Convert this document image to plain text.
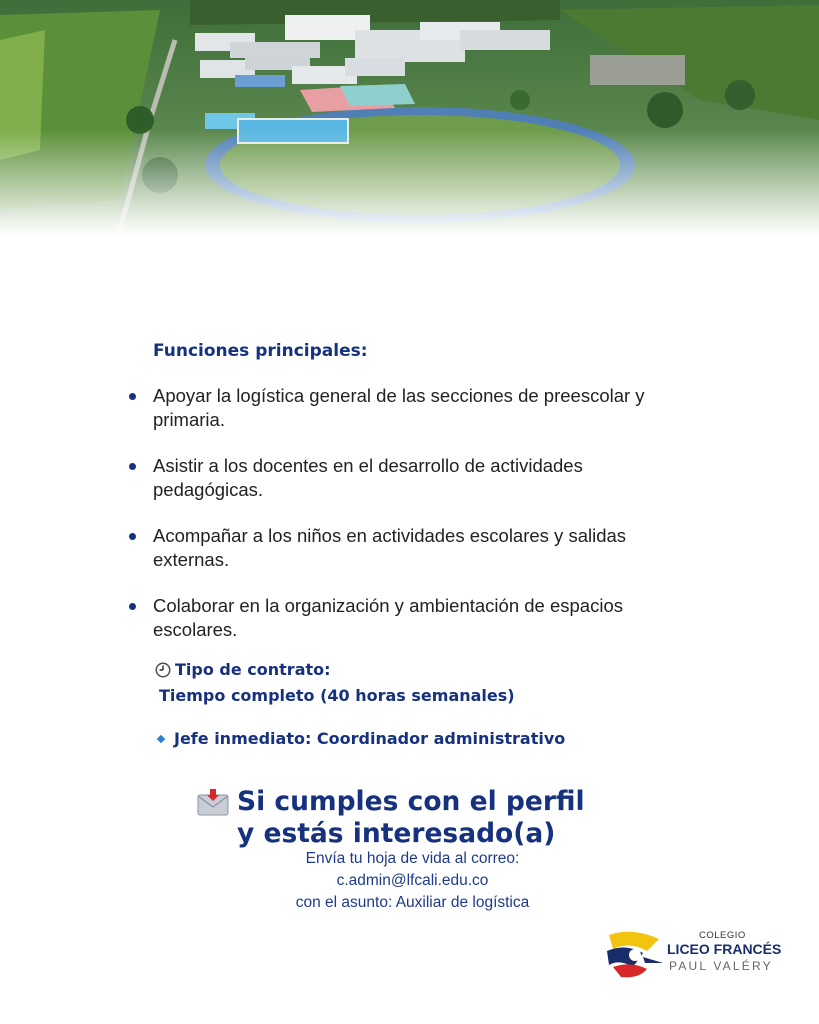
Funciones principales:
Apoyar la logística general de las secciones de preescolar y primaria.
Asistir a los docentes en el desarrollo de actividades pedagógicas.
Acompañar a los niños en actividades escolares y salidas externas.
Colaborar en la organización y ambientación de espacios escolares.
Tipo de contrato:
Tiempo completo (40 horas semanales)
Jefe inmediato: Coordinador administrativo
Si cumples con el perfil
y estás interesado(a)
Envía tu hoja de vida al correo:
c.admin@lfcali.edu.co
con el asunto: Auxiliar de logística
COLEGIO
LICEO FRANCÉS
PAUL VALÉRY
